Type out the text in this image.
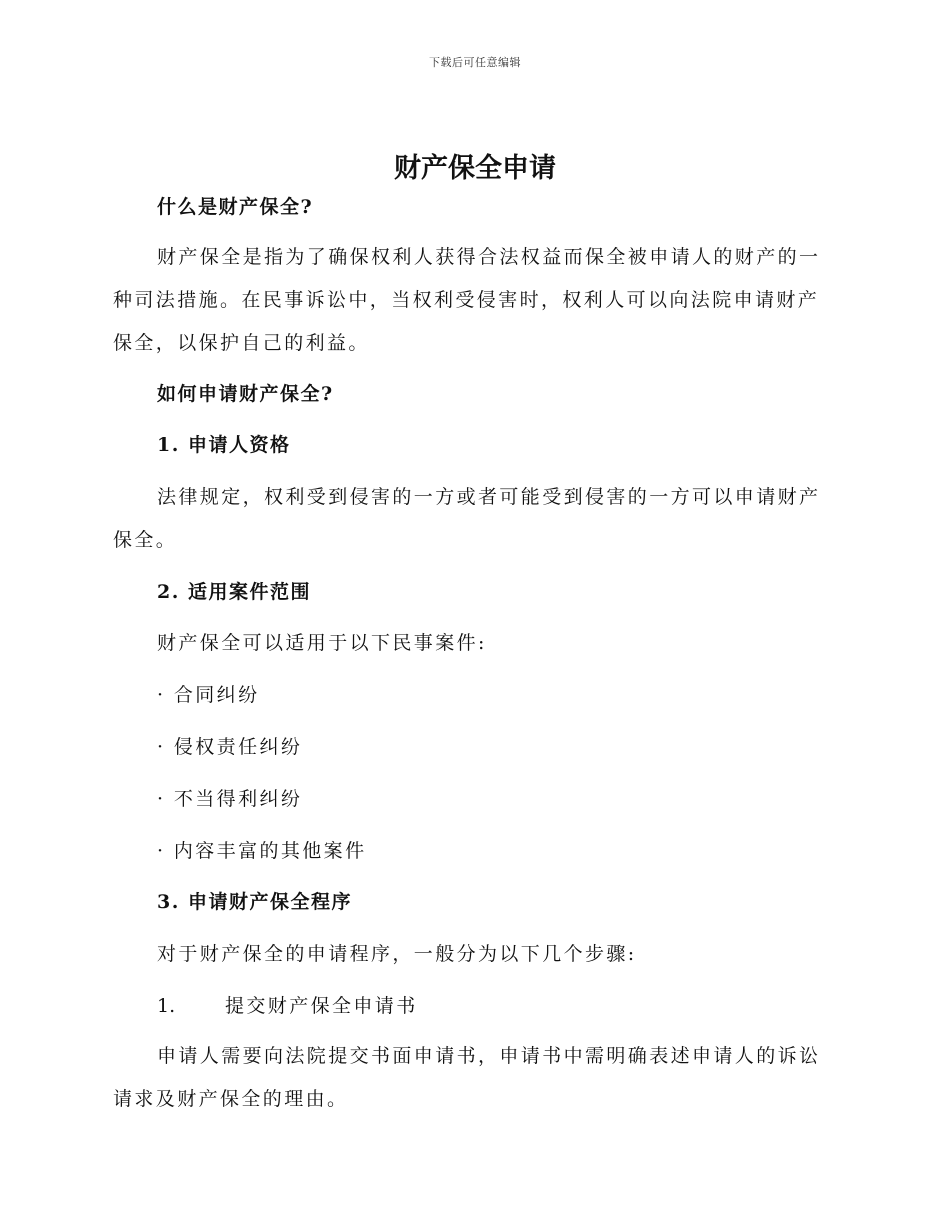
下载后可任意编辑
财产保全申请

什么是财产保全?

财产保全是指为了确保权利人获得合法权益而保全被申请人的财产的一种司法措施。在民事诉讼中，当权利受侵害时，权利人可以向法院申请财产保全，以保护自己的利益。

如何申请财产保全?

1. 申请人资格

法律规定，权利受到侵害的一方或者可能受到侵害的一方可以申请财产保全。

2. 适用案件范围

财产保全可以适用于以下民事案件:

· 合同纠纷

· 侵权责任纠纷

· 不当得利纠纷

· 内容丰富的其他案件

3. 申请财产保全程序

对于财产保全的申请程序，一般分为以下几个步骤:

1.	提交财产保全申请书

申请人需要向法院提交书面申请书，申请书中需明确表述申请人的诉讼请求及财产保全的理由。
